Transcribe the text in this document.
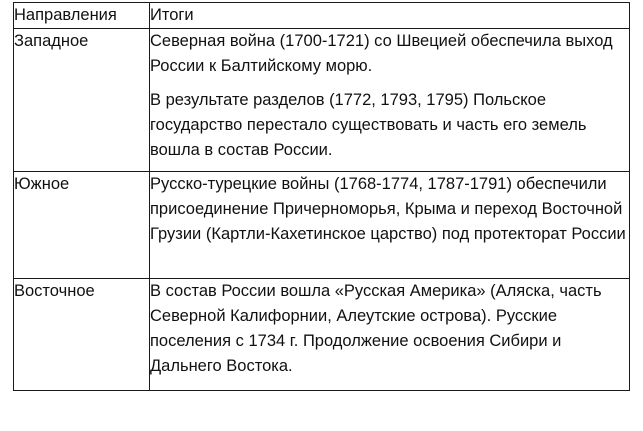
Направления	Итоги
Западное	Северная война (1700-1721) со Швецией обеспечила выход России к Балтийскому морю.

В результате разделов (1772, 1793, 1795) Польское государство перестало существовать и часть его земель вошла в состав России.

Южное	Русско-турецкие войны (1768-1774, 1787-1791) обеспечили присоединение Причерноморья, Крыма и переход Восточной Грузии (Картли-Кахетинское царство) под протекторат России

Восточное	В состав России вошла «Русская Америка» (Аляска, часть Северной Калифорнии, Алеутские острова). Русские поселения с 1734 г. Продолжение освоения Сибири и Дальнего Востока.
